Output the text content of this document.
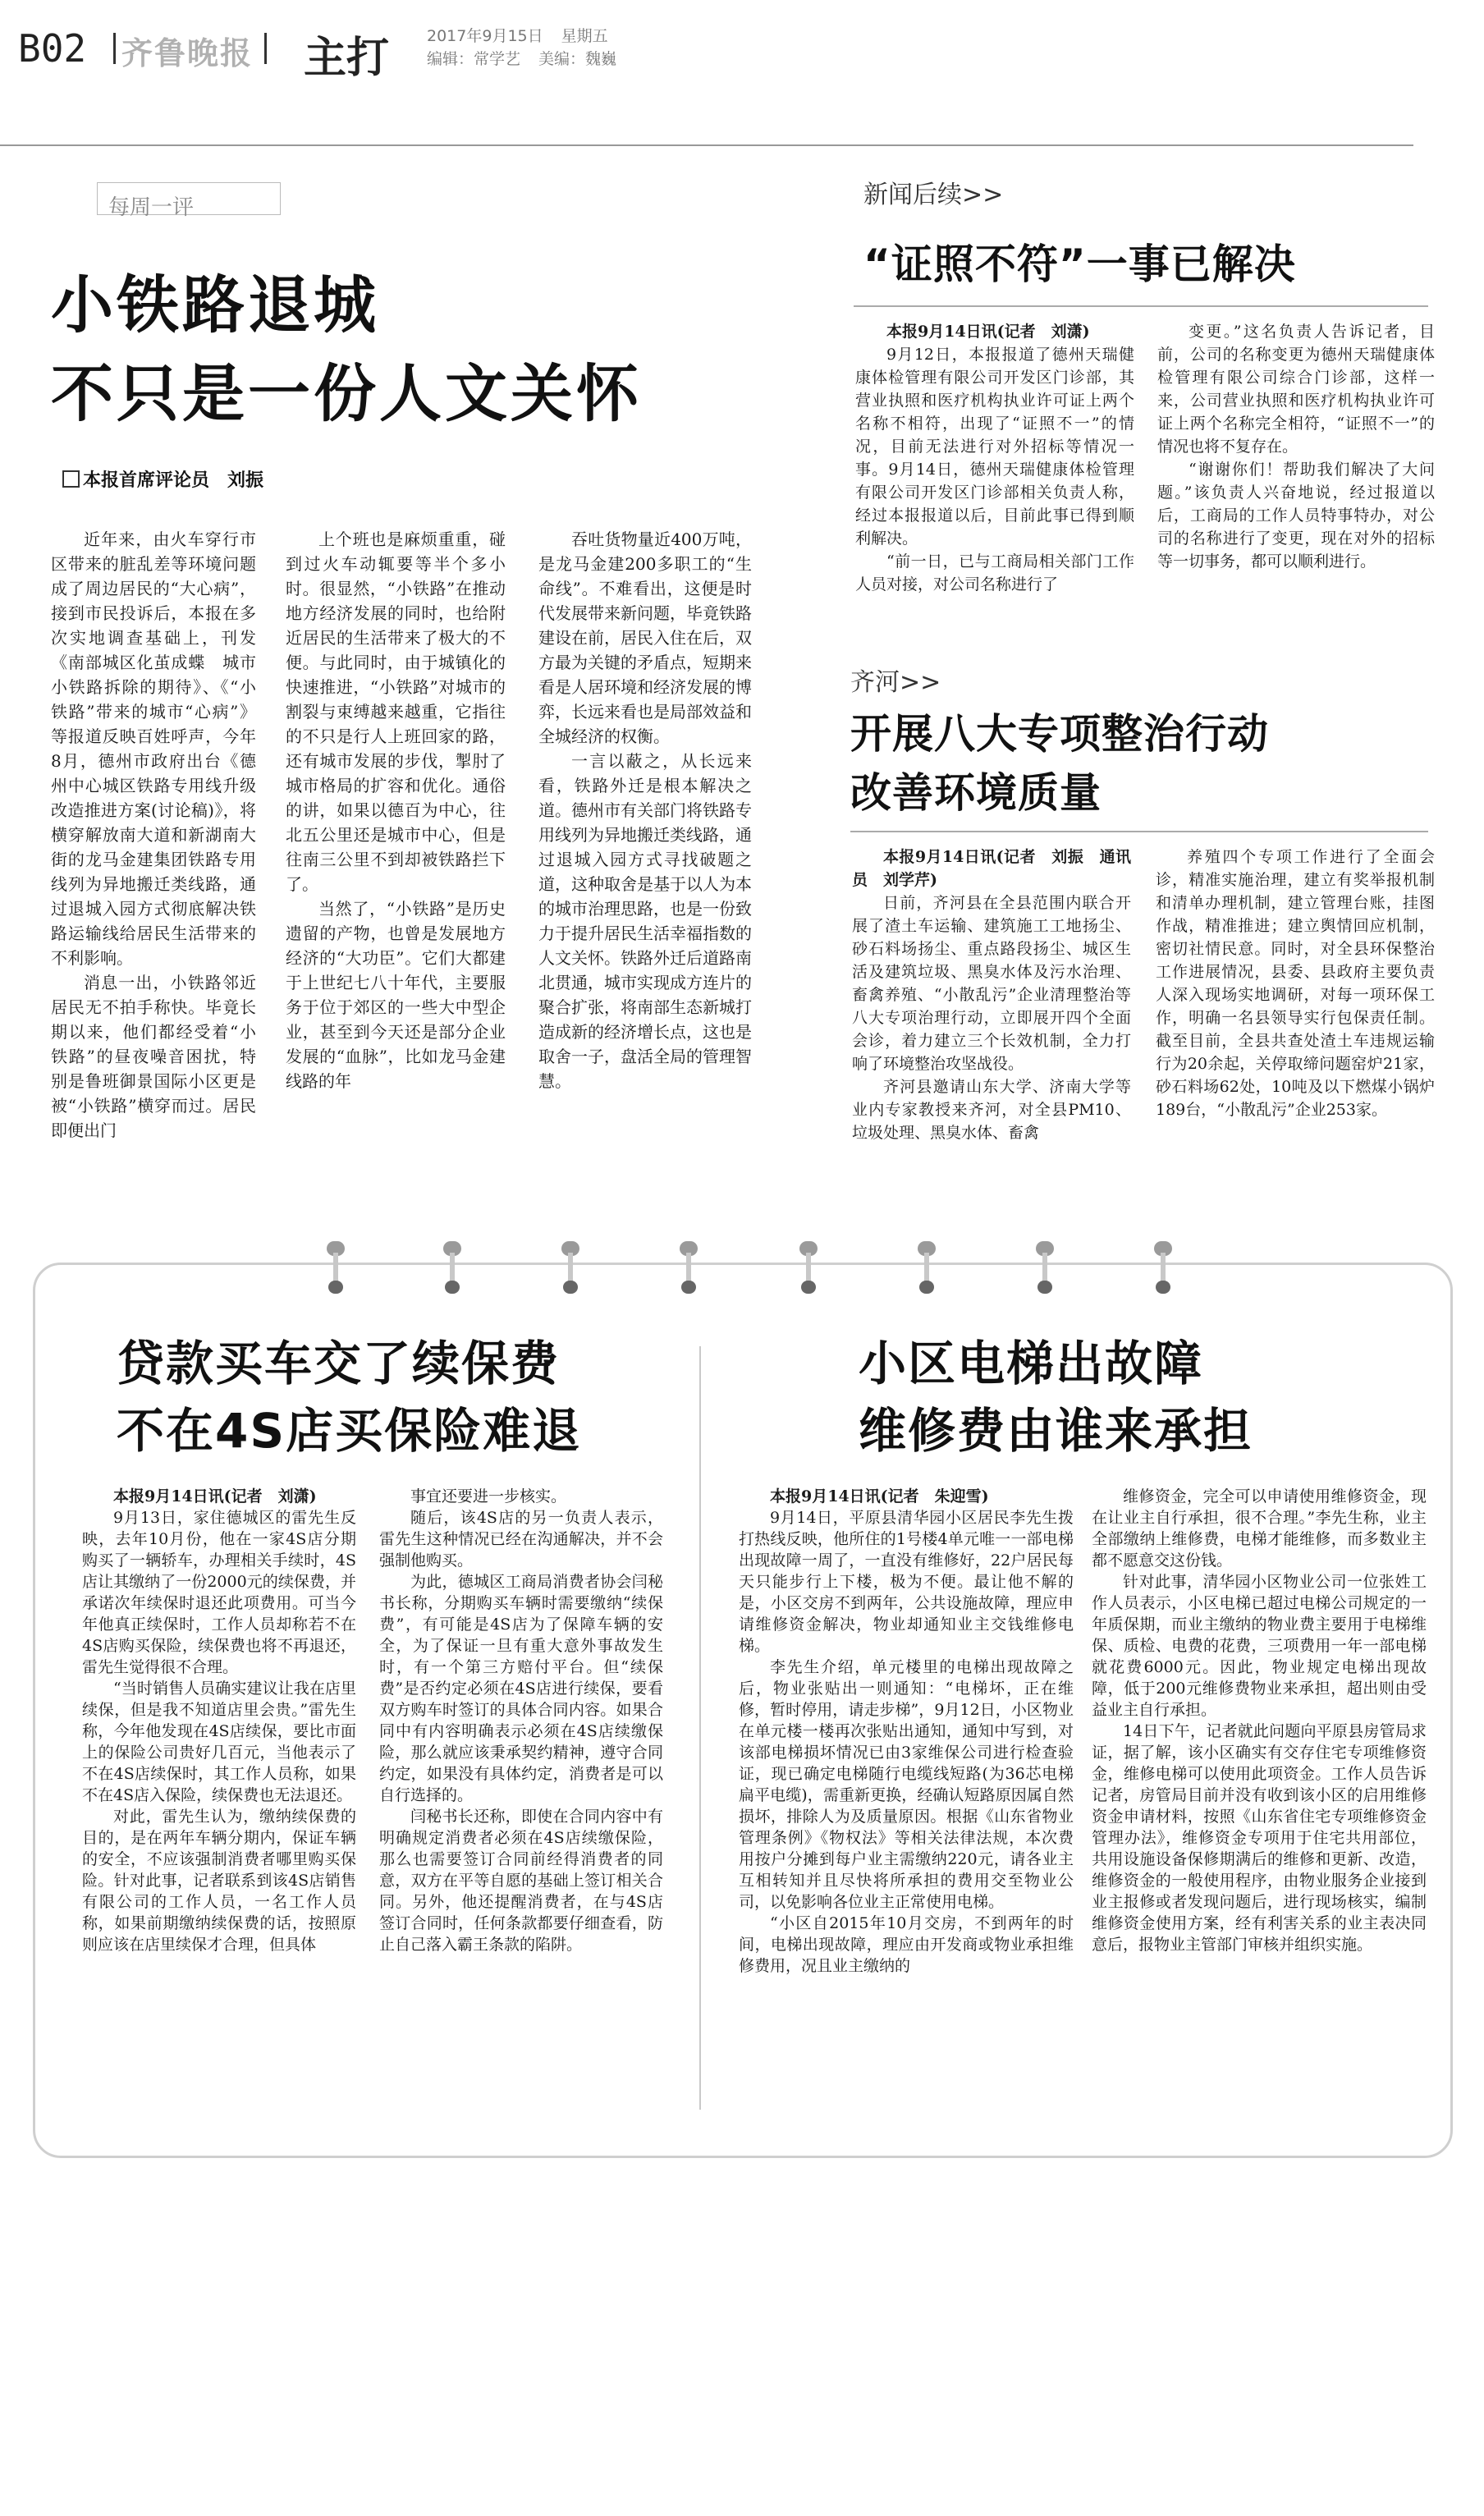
B02 齐鲁晚报 主打 2017年9月15日 星期五
编辑：常学艺 美编：魏巍
每周一评
小铁路退城
不只是一份人文关怀
本报首席评论员　刘振

近年来，由火车穿行市区带来的脏乱差等环境问题成了周边居民的“大心病”，接到市民投诉后，本报在多次实地调查基础上，刊发《南部城区化茧成蝶　城市小铁路拆除的期待》、《“小铁路”带来的城市“心病”》等报道反映百姓呼声，今年8月，德州市政府出台《德州中心城区铁路专用线升级改造推进方案(讨论稿)》，将横穿解放南大道和新湖南大街的龙马金建集团铁路专用线列为异地搬迁类线路，通过退城入园方式彻底解决铁路运输线给居民生活带来的不利影响。

消息一出，小铁路邻近居民无不拍手称快。毕竟长期以来，他们都经受着“小铁路”的昼夜噪音困扰，特别是鲁班御景国际小区更是被“小铁路”横穿而过。居民即便出门

上个班也是麻烦重重，碰到过火车动辄要等半个多小时。很显然，“小铁路”在推动地方经济发展的同时，也给附近居民的生活带来了极大的不便。与此同时，由于城镇化的快速推进，“小铁路”对城市的割裂与束缚越来越重，它指往的不只是行人上班回家的路，还有城市发展的步伐，掣肘了城市格局的扩容和优化。通俗的讲，如果以德百为中心，往北五公里还是城市中心，但是往南三公里不到却被铁路拦下了。

当然了，“小铁路”是历史遗留的产物，也曾是发展地方经济的“大功臣”。它们大都建于上世纪七八十年代，主要服务于位于郊区的一些大中型企业，甚至到今天还是部分企业发展的“血脉”，比如龙马金建线路的年

吞吐货物量近400万吨，是龙马金建200多职工的“生命线”。不难看出，这便是时代发展带来新问题，毕竟铁路建设在前，居民入住在后，双方最为关键的矛盾点，短期来看是人居环境和经济发展的博弈，长远来看也是局部效益和全城经济的权衡。

一言以蔽之，从长远来看，铁路外迁是根本解决之道。德州市有关部门将铁路专用线列为异地搬迁类线路，通过退城入园方式寻找破题之道，这种取舍是基于以人为本的城市治理思路，也是一份致力于提升居民生活幸福指数的人文关怀。铁路外迁后道路南北贯通，城市实现成方连片的聚合扩张，将南部生态新城打造成新的经济增长点，这也是取舍一子，盘活全局的管理智慧。

新闻后续>>
“证照不符”一事已解决

本报9月14日讯(记者　刘潇)

9月12日，本报报道了德州天瑞健康体检管理有限公司开发区门诊部，其营业执照和医疗机构执业许可证上两个名称不相符，出现了“证照不一”的情况，目前无法进行对外招标等情况一事。9月14日，德州天瑞健康体检管理有限公司开发区门诊部相关负责人称，经过本报报道以后，目前此事已得到顺利解决。

“前一日，已与工商局相关部门工作人员对接，对公司名称进行了

变更。”这名负责人告诉记者，目前，公司的名称变更为德州天瑞健康体检管理有限公司综合门诊部，这样一来，公司营业执照和医疗机构执业许可证上两个名称完全相符，“证照不一”的情况也将不复存在。

“谢谢你们！帮助我们解决了大问题。”该负责人兴奋地说，经过报道以后，工商局的工作人员特事特办，对公司的名称进行了变更，现在对外的招标等一切事务，都可以顺利进行。

齐河>>
开展八大专项整治行动
改善环境质量

本报9月14日讯(记者　刘振　通讯员　刘学芹)

日前，齐河县在全县范围内联合开展了渣土车运输、建筑施工工地扬尘、砂石料场扬尘、重点路段扬尘、城区生活及建筑垃圾、黑臭水体及污水治理、畜禽养殖、“小散乱污”企业清理整治等八大专项治理行动，立即展开四个全面会诊，着力建立三个长效机制，全力打响了环境整治攻坚战役。

齐河县邀请山东大学、济南大学等业内专家教授来齐河，对全县PM10、垃圾处理、黑臭水体、畜禽

养殖四个专项工作进行了全面会诊，精准实施治理，建立有奖举报机制和清单办理机制，建立管理台账，挂图作战，精准推进；建立舆情回应机制，密切社情民意。同时，对全县环保整治工作进展情况，县委、县政府主要负责人深入现场实地调研，对每一项环保工作，明确一名县领导实行包保责任制。截至目前，全县共查处渣土车违规运输行为20余起，关停取缔问题窑炉21家，砂石料场62处，10吨及以下燃煤小锅炉189台，“小散乱污”企业253家。

贷款买车交了续保费
不在4S店买保险难退

本报9月14日讯(记者　刘潇)

9月13日，家住德城区的雷先生反映，去年10月份，他在一家4S店分期购买了一辆轿车，办理相关手续时，4S店让其缴纳了一份2000元的续保费，并承诺次年续保时退还此项费用。可当今年他真正续保时，工作人员却称若不在4S店购买保险，续保费也将不再退还，雷先生觉得很不合理。

“当时销售人员确实建议让我在店里续保，但是我不知道店里会贵。”雷先生称，今年他发现在4S店续保，要比市面上的保险公司贵好几百元，当他表示了不在4S店续保时，其工作人员称，如果不在4S店入保险，续保费也无法退还。

对此，雷先生认为，缴纳续保费的目的，是在两年车辆分期内，保证车辆的安全，不应该强制消费者哪里购买保险。针对此事，记者联系到该4S店销售有限公司的工作人员，一名工作人员称，如果前期缴纳续保费的话，按照原则应该在店里续保才合理，但具体

事宜还要进一步核实。

随后，该4S店的另一负责人表示，雷先生这种情况已经在沟通解决，并不会强制他购买。

为此，德城区工商局消费者协会闫秘书长称，分期购买车辆时需要缴纳“续保费”，有可能是4S店为了保障车辆的安全，为了保证一旦有重大意外事故发生时，有一个第三方赔付平台。但“续保费”是否约定必须在4S店进行续保，要看双方购车时签订的具体合同内容。如果合同中有内容明确表示必须在4S店续缴保险，那么就应该秉承契约精神，遵守合同约定，如果没有具体约定，消费者是可以自行选择的。

闫秘书长还称，即使在合同内容中有明确规定消费者必须在4S店续缴保险，那么也需要签订合同前经得消费者的同意，双方在平等自愿的基础上签订相关合同。另外，他还提醒消费者，在与4S店签订合同时，任何条款都要仔细查看，防止自己落入霸王条款的陷阱。

小区电梯出故障
维修费由谁来承担

本报9月14日讯(记者　朱迎雪)

9月14日，平原县清华园小区居民李先生拨打热线反映，他所住的1号楼4单元唯一一部电梯出现故障一周了，一直没有维修好，22户居民每天只能步行上下楼，极为不便。最让他不解的是，小区交房不到两年，公共设施故障，理应申请维修资金解决，物业却通知业主交钱维修电梯。

李先生介绍，单元楼里的电梯出现故障之后，物业张贴出一则通知：“电梯坏，正在维修，暂时停用，请走步梯”，9月12日，小区物业在单元楼一楼再次张贴出通知，通知中写到，对该部电梯损坏情况已由3家维保公司进行检查验证，现已确定电梯随行电缆线短路(为36芯电梯扁平电缆)，需重新更换，经确认短路原因属自然损坏，排除人为及质量原因。根据《山东省物业管理条例》《物权法》等相关法律法规，本次费用按户分摊到每户业主需缴纳220元，请各业主互相转知并且尽快将所承担的费用交至物业公司，以免影响各位业主正常使用电梯。

“小区自2015年10月交房，不到两年的时间，电梯出现故障，理应由开发商或物业承担维修费用，况且业主缴纳的

维修资金，完全可以申请使用维修资金，现在让业主自行承担，很不合理。”李先生称，业主全部缴纳上维修费，电梯才能维修，而多数业主都不愿意交这份钱。

针对此事，清华园小区物业公司一位张姓工作人员表示，小区电梯已超过电梯公司规定的一年质保期，而业主缴纳的物业费主要用于电梯维保、质检、电费的花费，三项费用一年一部电梯就花费6000元。因此，物业规定电梯出现故障，低于200元维修费物业来承担，超出则由受益业主自行承担。

14日下午，记者就此问题向平原县房管局求证，据了解，该小区确实有交存住宅专项维修资金，维修电梯可以使用此项资金。工作人员告诉记者，房管局目前并没有收到该小区的启用维修资金申请材料，按照《山东省住宅专项维修资金管理办法》，维修资金专项用于住宅共用部位，共用设施设备保修期满后的维修和更新、改造，维修资金的一般使用程序，由物业服务企业接到业主报修或者发现问题后，进行现场核实，编制维修资金使用方案，经有利害关系的业主表决同意后，报物业主管部门审核并组织实施。
